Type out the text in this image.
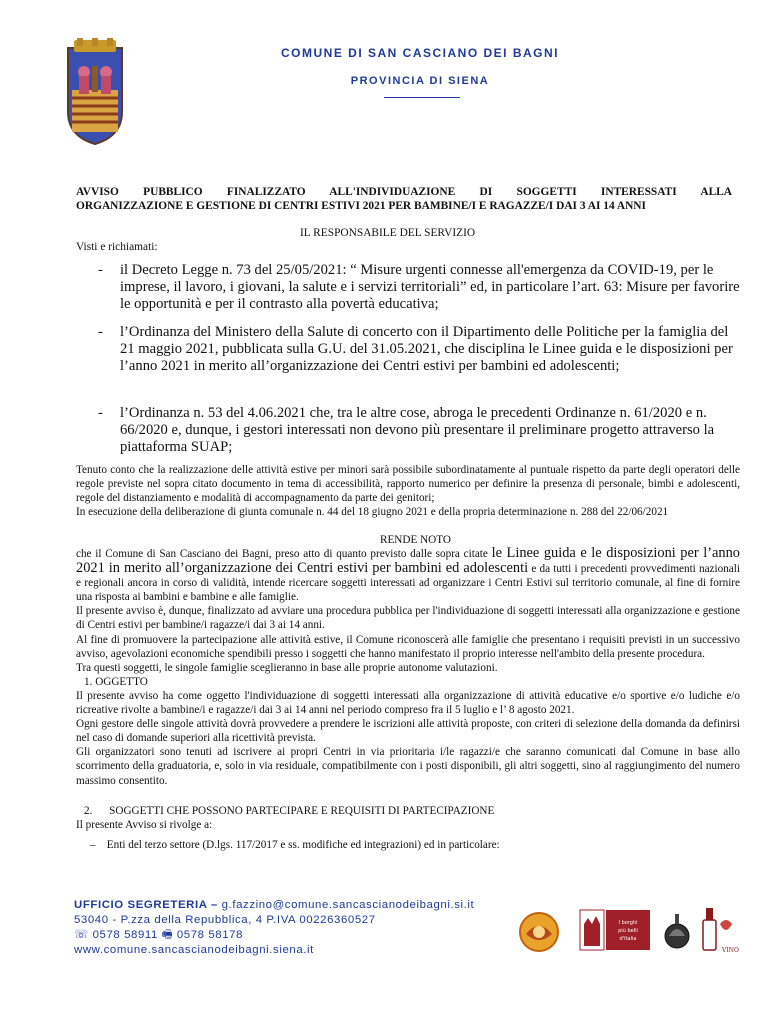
COMUNE DI SAN CASCIANO DEI BAGNI
PROVINCIA DI SIENA
AVVISO PUBBLICO FINALIZZATO ALL'INDIVIDUAZIONE DI SOGGETTI INTERESSATI ALLA
ORGANIZZAZIONE E GESTIONE DI CENTRI ESTIVI 2021 PER BAMBINE/I E RAGAZZE/I DAI 3 AI 14 ANNI
IL RESPONSABILE DEL SERVIZIO
Visti e richiamati:
- il Decreto Legge n. 73 del 25/05/2021: “ Misure urgenti connesse all'emergenza da COVID-19, per le imprese, il lavoro, i giovani, la salute e i servizi territoriali” ed, in particolare l’art. 63: Misure per favorire le opportunità e per il contrasto alla povertà educativa;
- l’Ordinanza del Ministero della Salute di concerto con il Dipartimento delle Politiche per la famiglia del 21 maggio 2021, pubblicata sulla G.U. del 31.05.2021, che disciplina le Linee guida e le disposizioni per l’anno 2021 in merito all’organizzazione dei Centri estivi per bambini ed adolescenti;
- l’Ordinanza n. 53 del 4.06.2021 che, tra le altre cose, abroga le precedenti Ordinanze n. 61/2020 e n. 66/2020 e, dunque, i gestori interessati non devono più presentare il preliminare progetto attraverso la piattaforma SUAP;
Tenuto conto che la realizzazione delle attività estive per minori sarà possibile subordinatamente al puntuale rispetto da parte degli operatori delle regole previste nel sopra citato documento in tema di accessibilità, rapporto numerico per definire la presenza di personale, bimbi e adolescenti, regole del distanziamento e modalità di accompagnamento da parte dei genitori;
In esecuzione della deliberazione di giunta comunale n. 44 del 18 giugno 2021 e della propria determinazione n. 288 del 22/06/2021
RENDE NOTO
che il Comune di San Casciano dei Bagni, preso atto di quanto previsto dalle sopra citate le Linee guida e le disposizioni per l’anno 2021 in merito all’organizzazione dei Centri estivi per bambini ed adolescenti e da tutti i precedenti provvedimenti nazionali e regionali ancora in corso di validità, intende ricercare soggetti interessati ad organizzare i Centri Estivi sul territorio comunale, al fine di fornire una risposta ai bambini e bambine e alle famiglie.
Il presente avviso è, dunque, finalizzato ad avviare una procedura pubblica per l'individuazione di soggetti interessati alla organizzazione e gestione di Centri estivi per bambine/i ragazze/i dai 3 ai 14 anni.
Al fine di promuovere la partecipazione alle attività estive, il Comune riconoscerà alle famiglie che presentano i requisiti previsti in un successivo avviso, agevolazioni economiche spendibili presso i soggetti che hanno manifestato il proprio interesse nell'ambito della presente procedura.
Tra questi soggetti, le singole famiglie sceglieranno in base alle proprie autonome valutazioni.
1. OGGETTO
Il presente avviso ha come oggetto l'individuazione di soggetti interessati alla organizzazione di attività educative e/o sportive e/o ludiche e/o ricreative rivolte a bambine/i e ragazze/i dai 3 ai 14 anni nel periodo compreso fra il 5 luglio e l’ 8 agosto 2021.
Ogni gestore delle singole attività dovrà provvedere a prendere le iscrizioni alle attività proposte, con criteri di selezione della domanda da definirsi nel caso di domande superiori alla ricettività prevista.
Gli organizzatori sono tenuti ad iscrivere ai propri Centri in via prioritaria i/le ragazzi/e che saranno comunicati dal Comune in base allo scorrimento della graduatoria, e, solo in via residuale, compatibilmente con i posti disponibili, gli altri soggetti, sino al raggiungimento del numero massimo consentito.
2. SOGGETTI CHE POSSONO PARTECIPARE E REQUISITI DI PARTECIPAZIONE
Il presente Avviso si rivolge a:
–    Enti del terzo settore (D.lgs. 117/2017 e ss. modifiche ed integrazioni) ed in particolare:
UFFICIO SEGRETERIA – g.fazzino@comune.sancascianodeibagni.si.it
53040 - P.zza della Repubblica, 4 P.IVA 00226360527
☏ 0578 58911 🖷 0578 58178
www.comune.sancascianodeibagni.siena.it
I borghi
più belli
d'Italia
VINO
